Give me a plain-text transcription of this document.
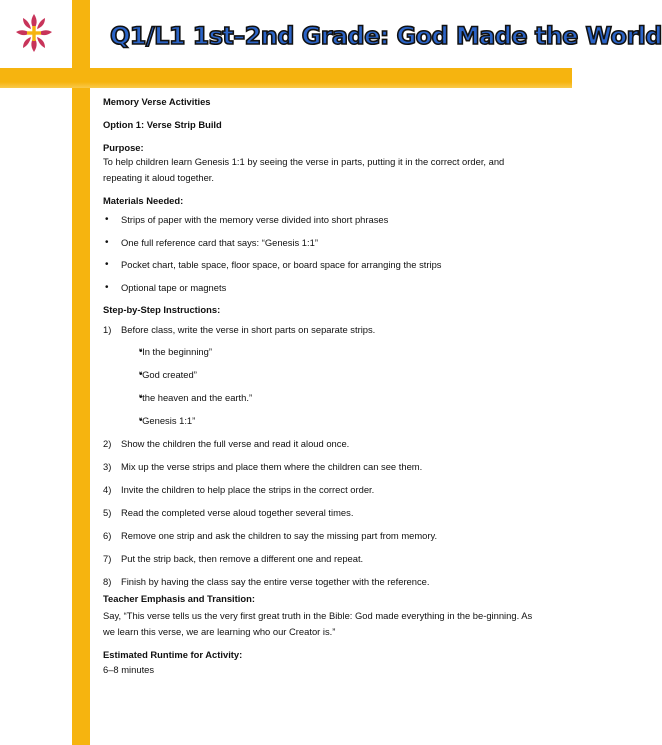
Q1/L1 1st–2nd Grade: God Made the World

Memory Verse Activities

Option 1: Verse Strip Build

Purpose:

To help children learn Genesis 1:1 by seeing the verse in parts, putting it in the correct order, and repeating it aloud together.

Materials Needed:

• Strips of paper with the memory verse divided into short phrases
• One full reference card that says: “Genesis 1:1”
• Pocket chart, table space, floor space, or board space for arranging the strips
• Optional tape or magnets

Step-by-Step Instructions:

1) Before class, write the verse in short parts on separate strips.
• “In the beginning”
• “God created”
• “the heaven and the earth.”
• “Genesis 1:1”
2) Show the children the full verse and read it aloud once.
3) Mix up the verse strips and place them where the children can see them.
4) Invite the children to help place the strips in the correct order.
5) Read the completed verse aloud together several times.
6) Remove one strip and ask the children to say the missing part from memory.
7) Put the strip back, then remove a different one and repeat.
8) Finish by having the class say the entire verse together with the reference.

Teacher Emphasis and Transition:

Say, “This verse tells us the very first great truth in the Bible: God made everything in the be-ginning. As we learn this verse, we are learning who our Creator is.”

Estimated Runtime for Activity:

6–8 minutes
